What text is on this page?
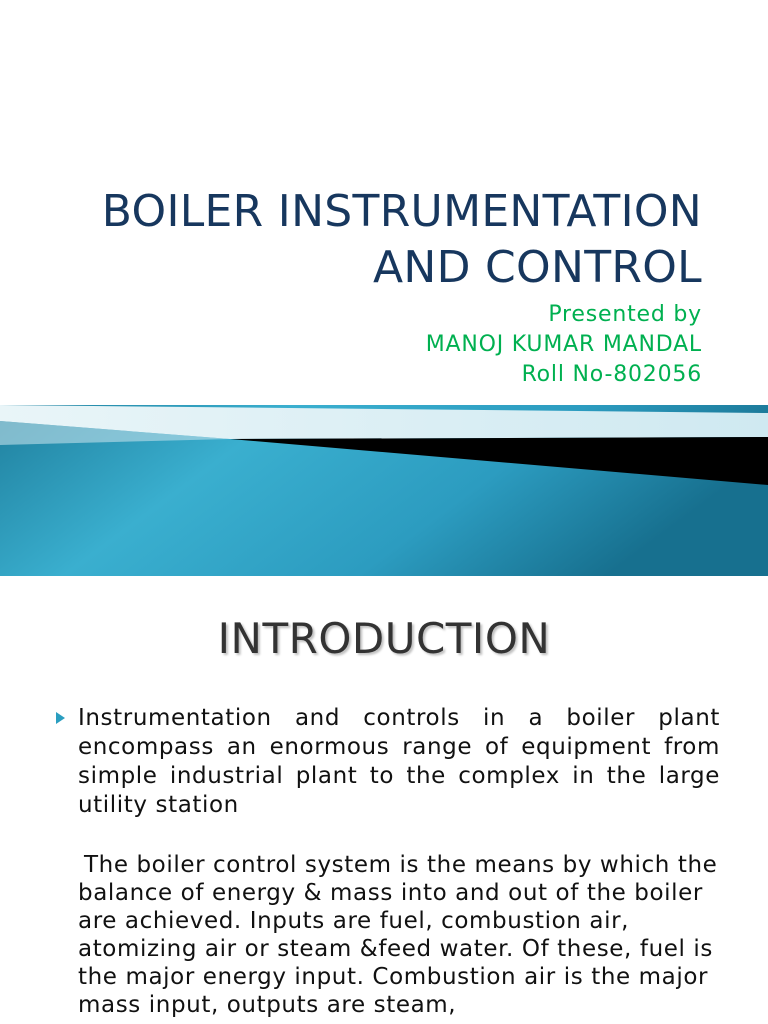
BOILER INSTRUMENTATION
AND CONTROL
Presented by
MANOJ KUMAR MANDAL
Roll No-802056
INTRODUCTION

Instrumentation and controls in a boiler plant encompass an enormous range of equipment from simple industrial plant to the complex in the large utility station

The boiler control system is the means by which the balance of energy & mass into and out of the boiler are achieved. Inputs are fuel, combustion air, atomizing air or steam &feed water. Of these, fuel is the major energy input. Combustion air is the major mass input, outputs are steam,
